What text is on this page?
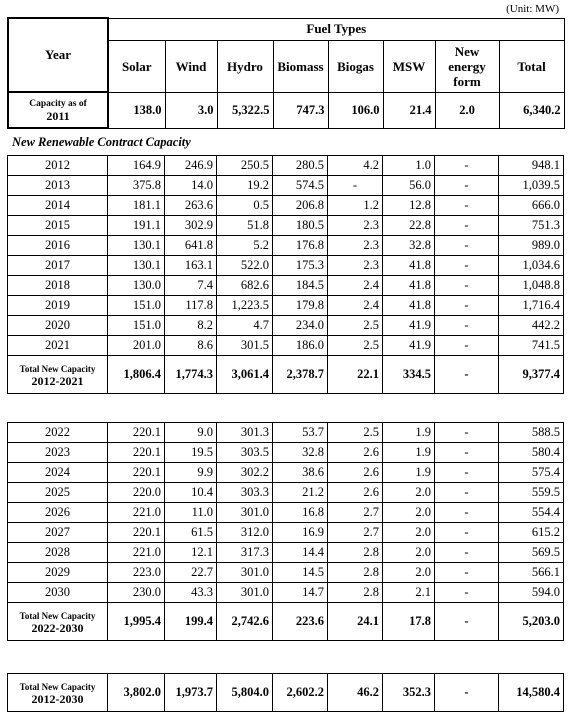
(Unit: MW)
Year	Fuel Types							
	Solar	Wind	Hydro	Biomass	Biogas	MSW	New energy form	Total

Capacity as of
2011	138.0	3.0	5,322.5	747.3	106.0	21.4	2.0	6,340.2
New Renewable Contract Capacity
2012	164.9	246.9	250.5	280.5	4.2	1.0	-	948.1
2013	375.8	14.0	19.2	574.5	-	56.0	-	1,039.5
2014	181.1	263.6	0.5	206.8	1.2	12.8	-	666.0
2015	191.1	302.9	51.8	180.5	2.3	22.8	-	751.3
2016	130.1	641.8	5.2	176.8	2.3	32.8	-	989.0
2017	130.1	163.1	522.0	175.3	2.3	41.8	-	1,034.6
2018	130.0	7.4	682.6	184.5	2.4	41.8	-	1,048.8
2019	151.0	117.8	1,223.5	179.8	2.4	41.8	-	1,716.4
2020	151.0	8.2	4.7	234.0	2.5	41.9	-	442.2
2021	201.0	8.6	301.5	186.0	2.5	41.9	-	741.5

Total New Capacity
2012-2021	1,806.4	1,774.3	3,061.4	2,378.7	22.1	334.5	-	9,377.4
2022	220.1	9.0	301.3	53.7	2.5	1.9	-	588.5
2023	220.1	19.5	303.5	32.8	2.6	1.9	-	580.4
2024	220.1	9.9	302.2	38.6	2.6	1.9	-	575.4
2025	220.0	10.4	303.3	21.2	2.6	2.0	-	559.5
2026	221.0	11.0	301.0	16.8	2.7	2.0	-	554.4
2027	220.1	61.5	312.0	16.9	2.7	2.0	-	615.2
2028	221.0	12.1	317.3	14.4	2.8	2.0	-	569.5
2029	223.0	22.7	301.0	14.5	2.8	2.0	-	566.1
2030	230.0	43.3	301.0	14.7	2.8	2.1	-	594.0

Total New Capacity
2022-2030	1,995.4	199.4	2,742.6	223.6	24.1	17.8	-	5,203.0
Total New Capacity
2012-2030	3,802.0	1,973.7	5,804.0	2,602.2	46.2	352.3	-	14,580.4
